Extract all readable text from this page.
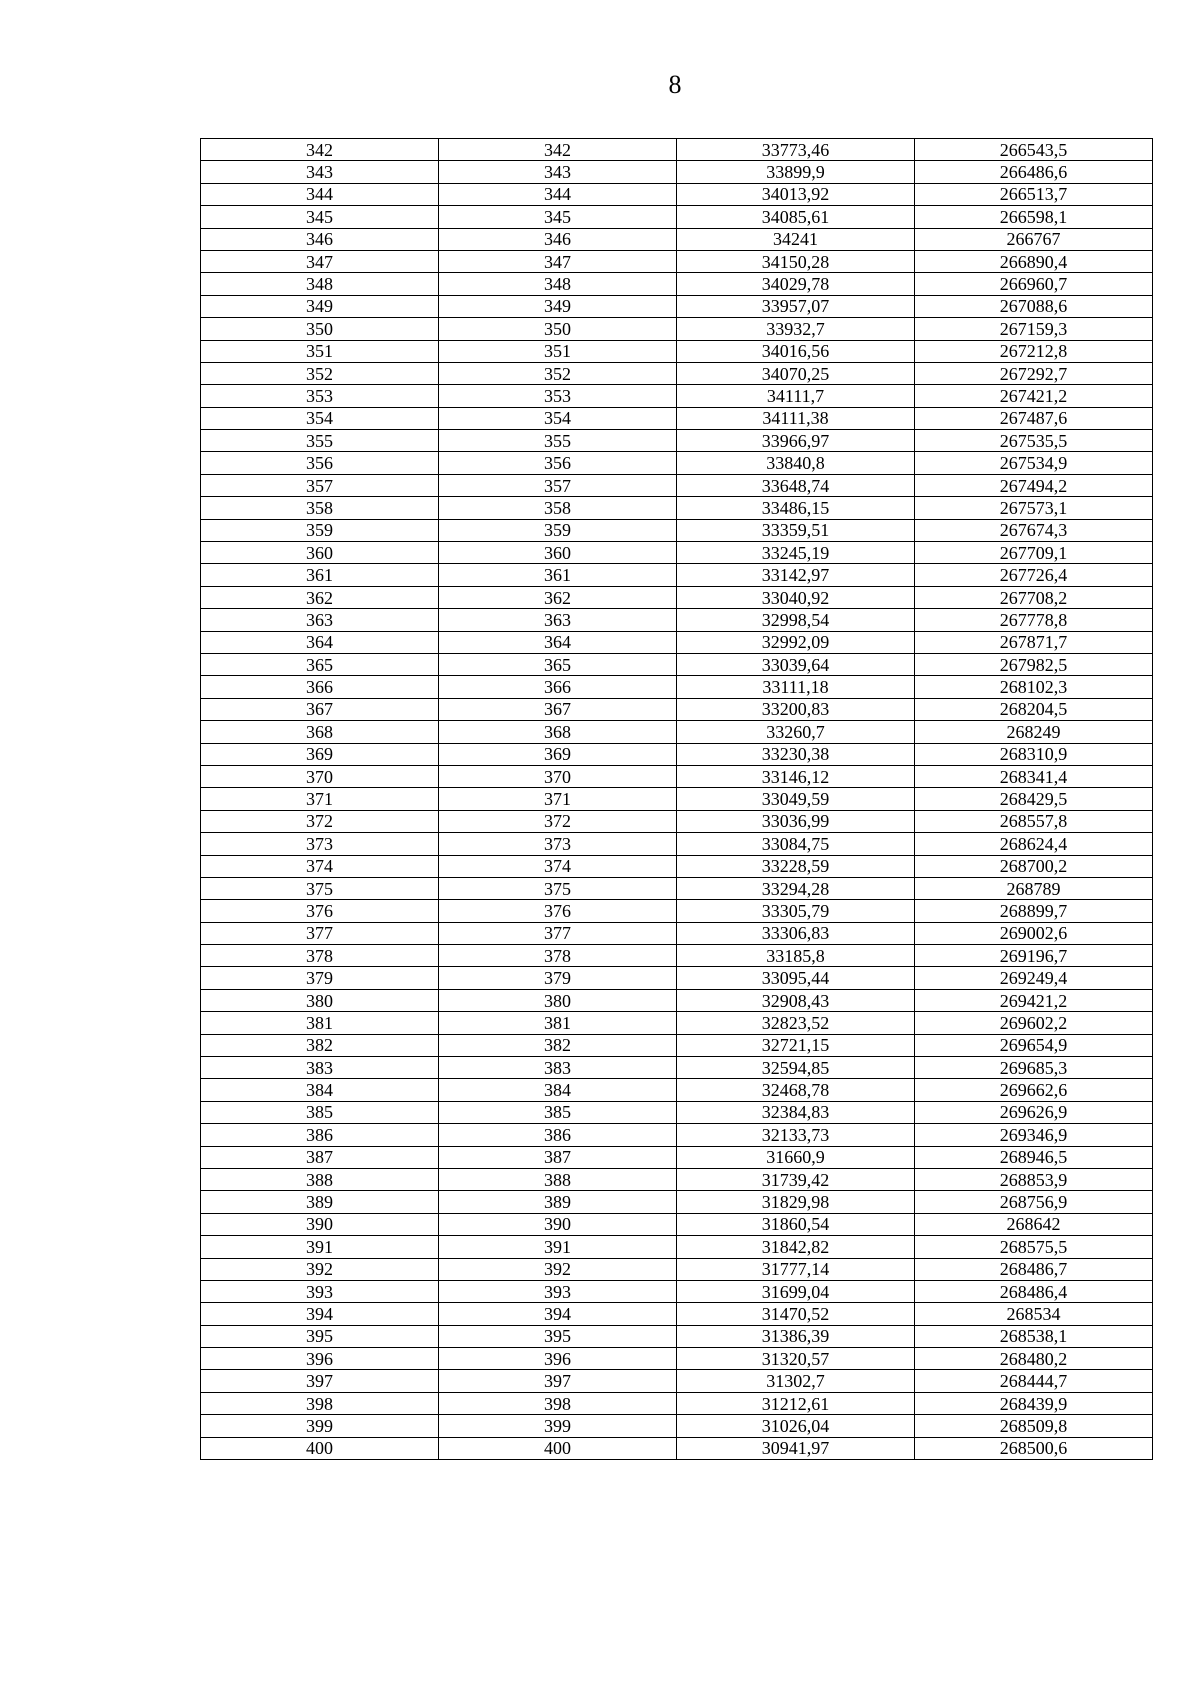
8
342	342	33773,46	266543,5
343	343	33899,9	266486,6
344	344	34013,92	266513,7
345	345	34085,61	266598,1
346	346	34241	266767
347	347	34150,28	266890,4
348	348	34029,78	266960,7
349	349	33957,07	267088,6
350	350	33932,7	267159,3
351	351	34016,56	267212,8
352	352	34070,25	267292,7
353	353	34111,7	267421,2
354	354	34111,38	267487,6
355	355	33966,97	267535,5
356	356	33840,8	267534,9
357	357	33648,74	267494,2
358	358	33486,15	267573,1
359	359	33359,51	267674,3
360	360	33245,19	267709,1
361	361	33142,97	267726,4
362	362	33040,92	267708,2
363	363	32998,54	267778,8
364	364	32992,09	267871,7
365	365	33039,64	267982,5
366	366	33111,18	268102,3
367	367	33200,83	268204,5
368	368	33260,7	268249
369	369	33230,38	268310,9
370	370	33146,12	268341,4
371	371	33049,59	268429,5
372	372	33036,99	268557,8
373	373	33084,75	268624,4
374	374	33228,59	268700,2
375	375	33294,28	268789
376	376	33305,79	268899,7
377	377	33306,83	269002,6
378	378	33185,8	269196,7
379	379	33095,44	269249,4
380	380	32908,43	269421,2
381	381	32823,52	269602,2
382	382	32721,15	269654,9
383	383	32594,85	269685,3
384	384	32468,78	269662,6
385	385	32384,83	269626,9
386	386	32133,73	269346,9
387	387	31660,9	268946,5
388	388	31739,42	268853,9
389	389	31829,98	268756,9
390	390	31860,54	268642
391	391	31842,82	268575,5
392	392	31777,14	268486,7
393	393	31699,04	268486,4
394	394	31470,52	268534
395	395	31386,39	268538,1
396	396	31320,57	268480,2
397	397	31302,7	268444,7
398	398	31212,61	268439,9
399	399	31026,04	268509,8
400	400	30941,97	268500,6
